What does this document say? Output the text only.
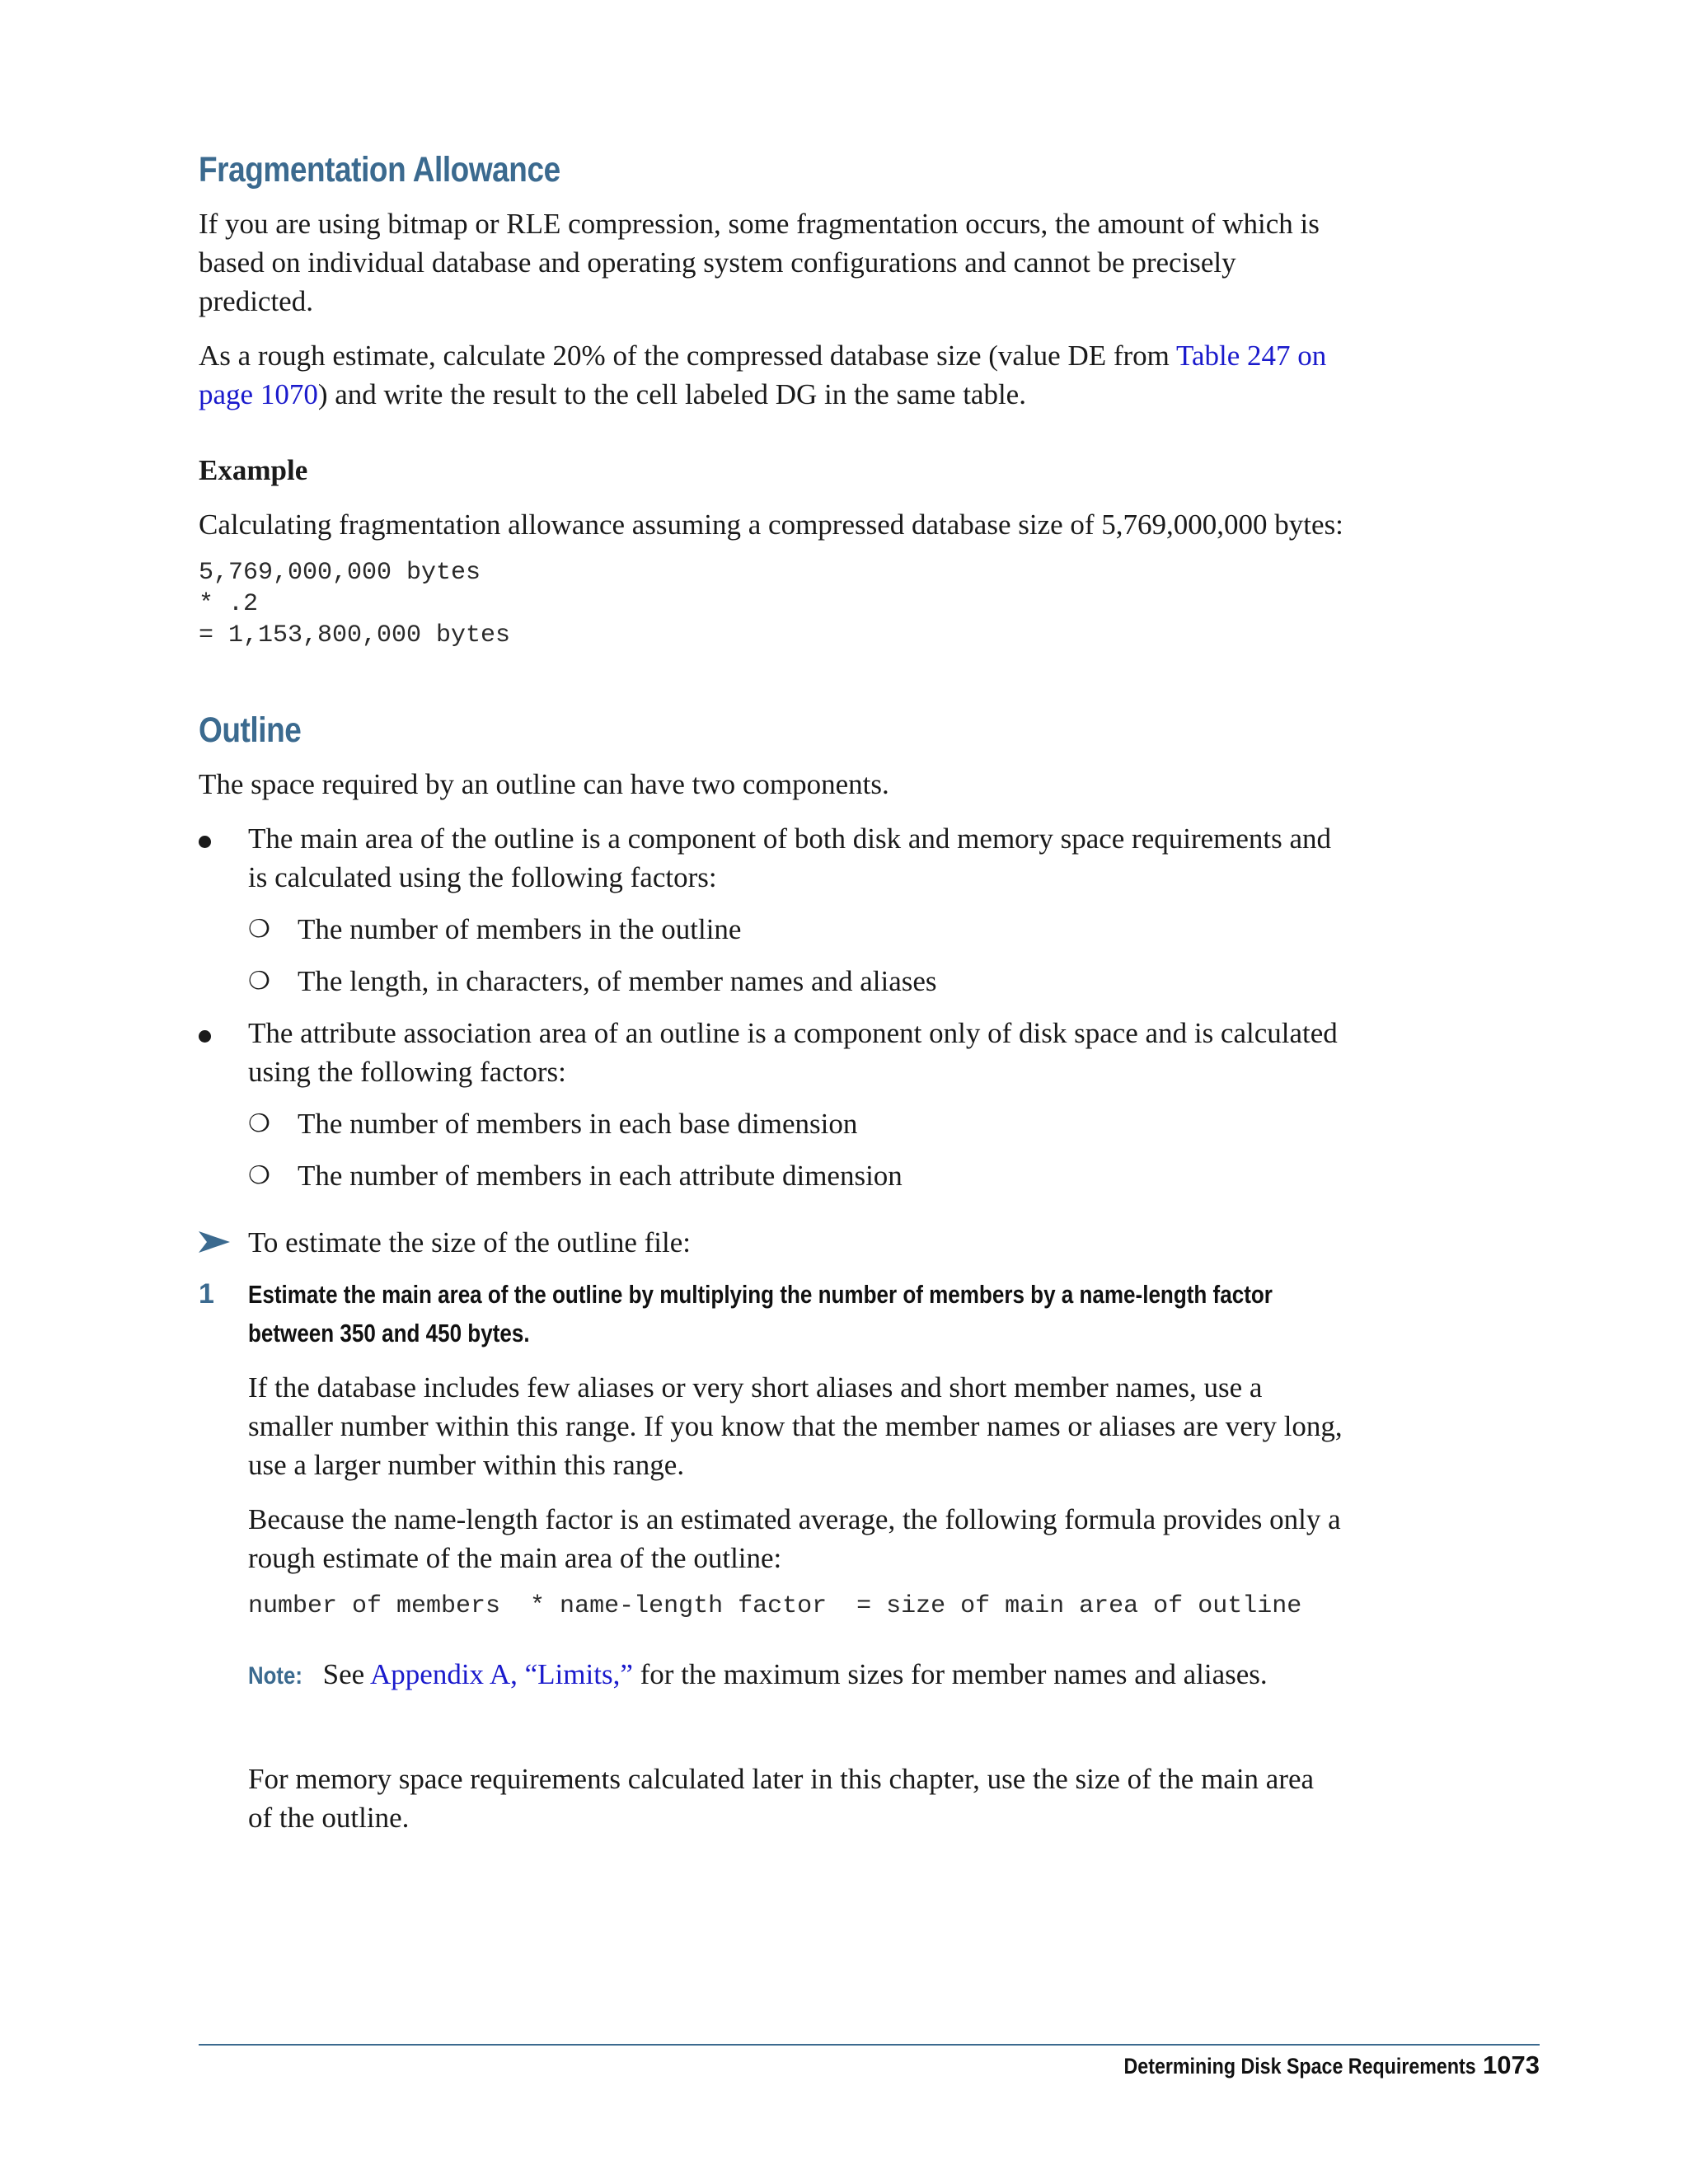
Fragmentation Allowance

If you are using bitmap or RLE compression, some fragmentation occurs, the amount of which is based on individual database and operating system configurations and cannot be precisely predicted.

As a rough estimate, calculate 20% of the compressed database size (value DE from Table 247 on page 1070) and write the result to the cell labeled DG in the same table.

Example

Calculating fragmentation allowance assuming a compressed database size of 5,769,000,000 bytes:

5,769,000,000 bytes
* .2
= 1,153,800,000 bytes
Outline

The space required by an outline can have two components.

The main area of the outline is a component of both disk and memory space requirements and is calculated using the following factors:

❍ The number of members in the outline

❍ The length, in characters, of member names and aliases

The attribute association area of an outline is a component only of disk space and is calculated using the following factors:

❍ The number of members in each base dimension

❍ The number of members in each attribute dimension

To estimate the size of the outline file:

1 Estimate the main area of the outline by multiplying the number of members by a name-length factor between 350 and 450 bytes.

If the database includes few aliases or very short aliases and short member names, use a smaller number within this range. If you know that the member names or aliases are very long, use a larger number within this range.

Because the name-length factor is an estimated average, the following formula provides only a rough estimate of the main area of the outline:

number of members  * name-length factor  = size of main area of outline

Note: See Appendix A, “Limits,” for the maximum sizes for member names and aliases.

For memory space requirements calculated later in this chapter, use the size of the main area of the outline.

Determining Disk Space Requirements 1073
